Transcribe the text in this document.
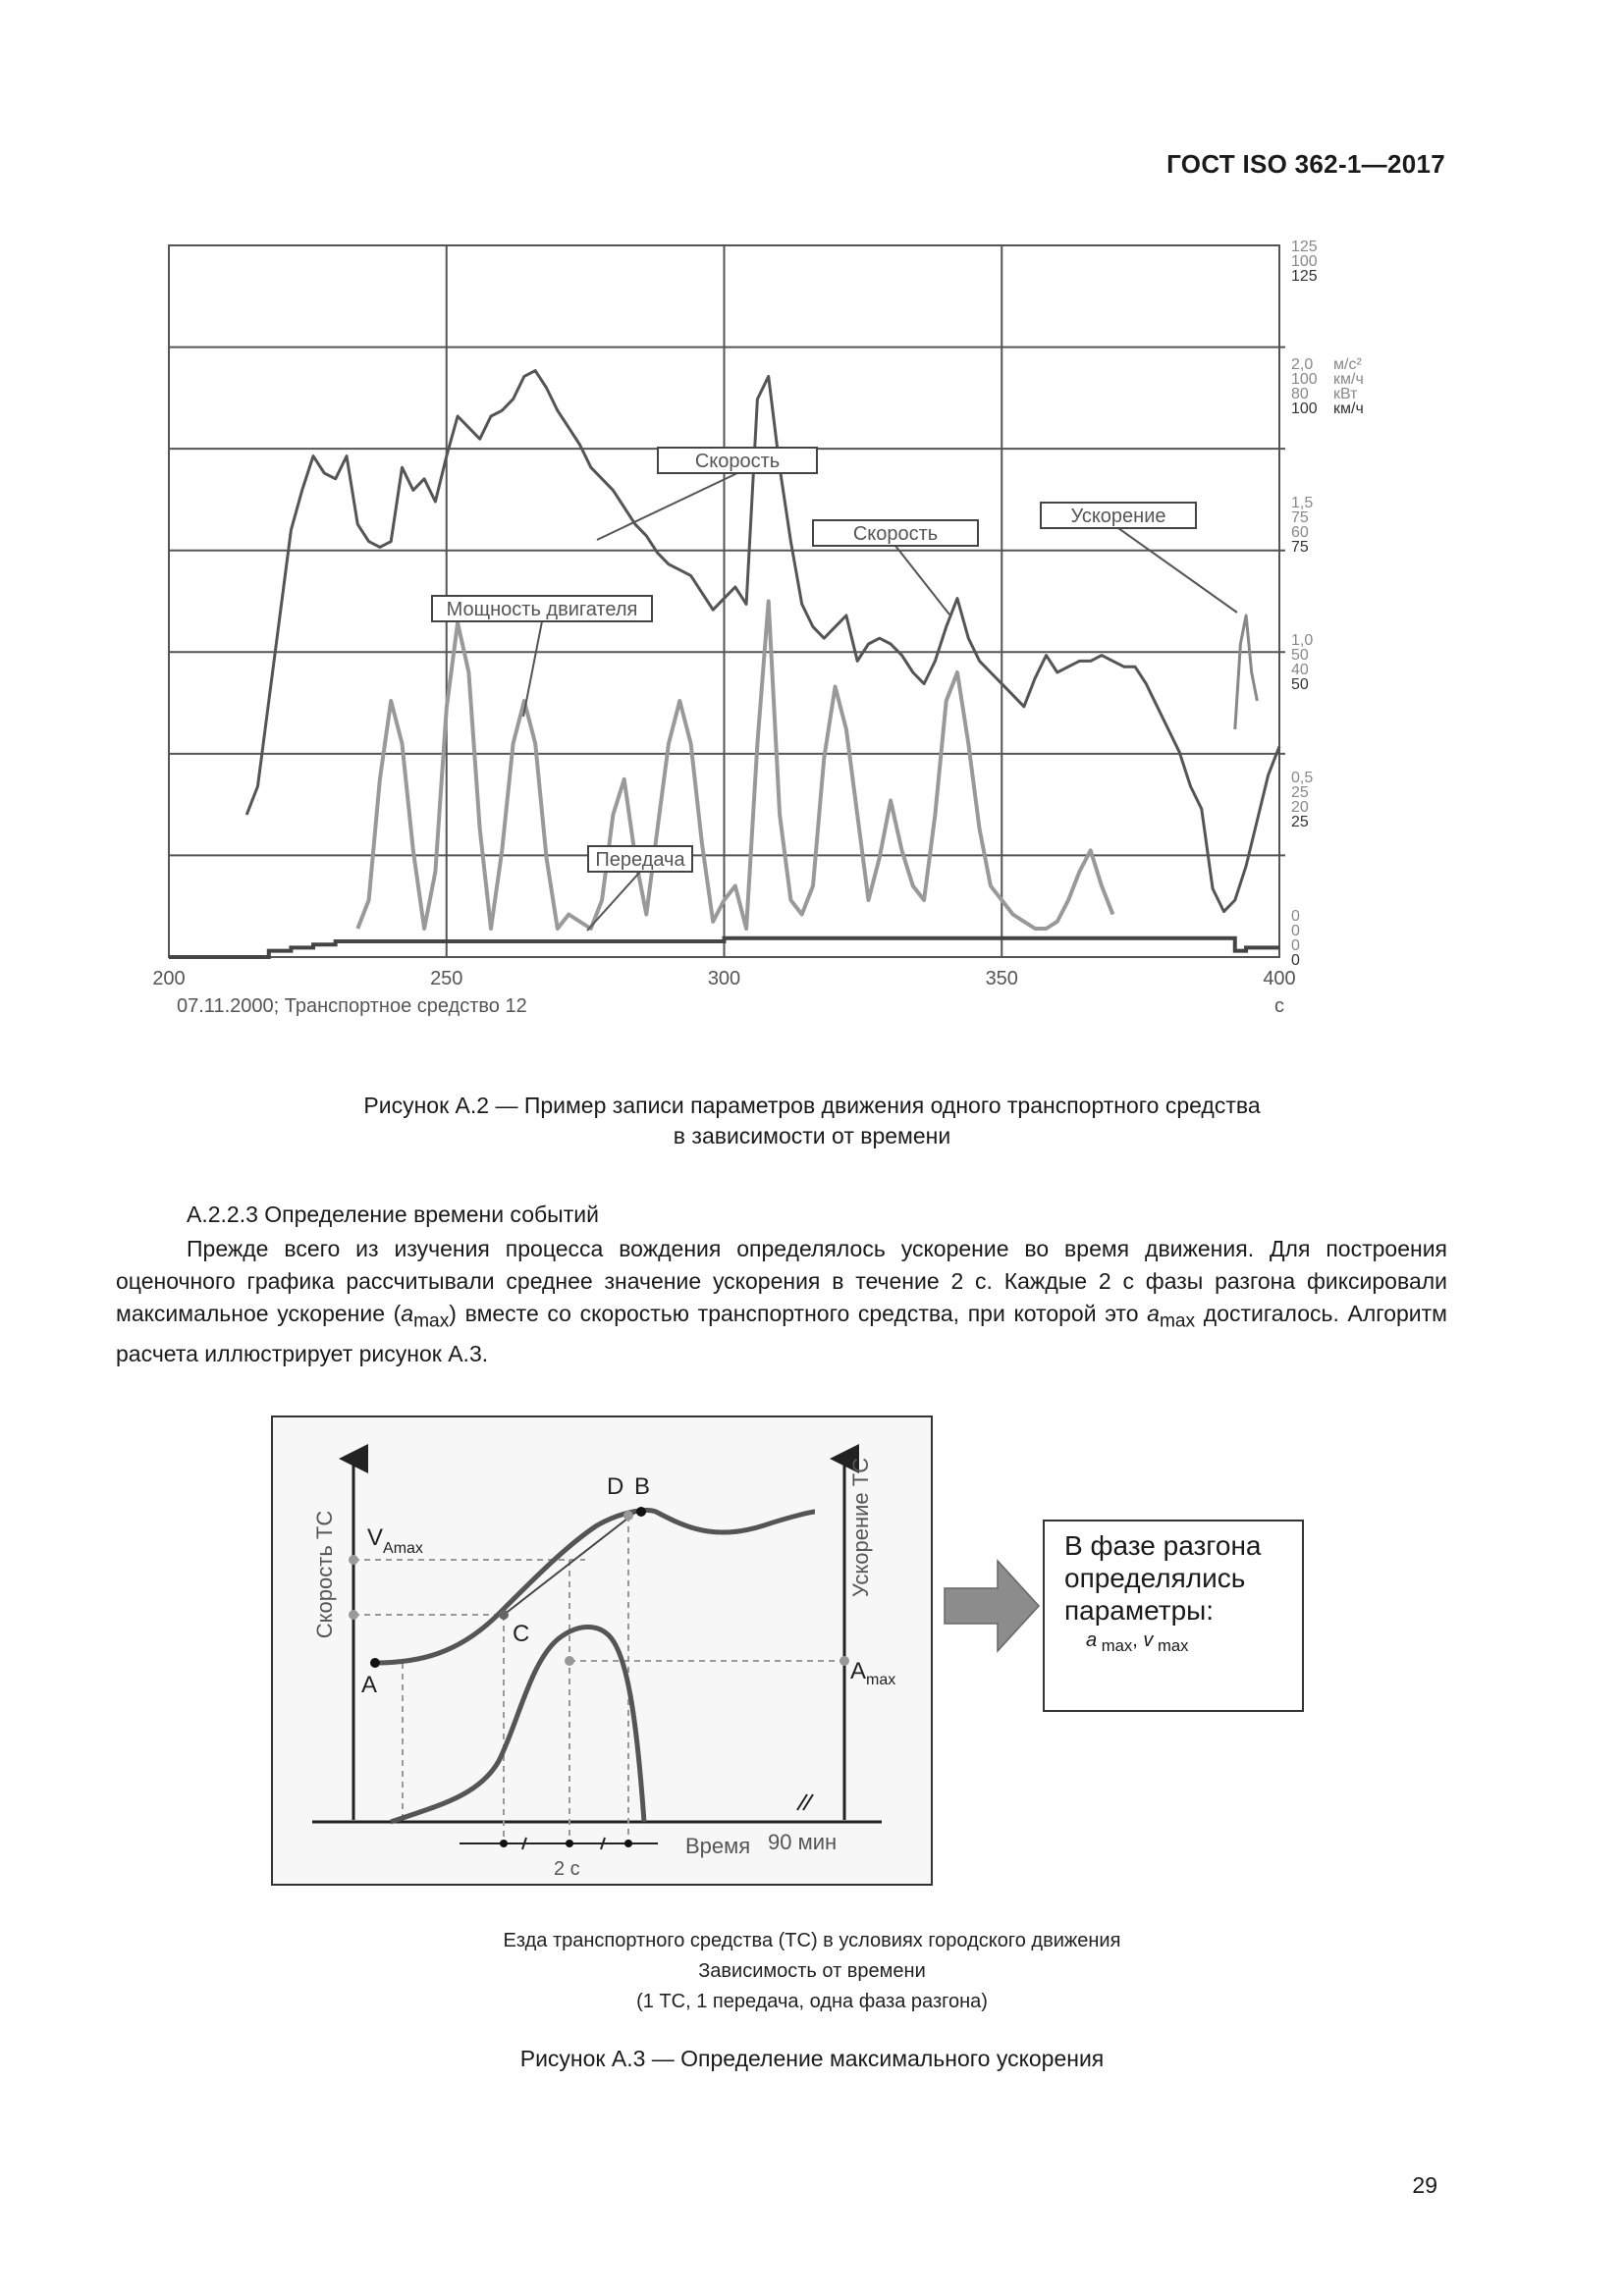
ГОСТ ISO 362-1—2017
200	250	300	350	400
с
07.11.2000; Транспортное средство 12
125
100
125
2,0
100
80
100
1,5
75
60
75
1,0
50
40
50
0,5
25
20
25
0
0
0
0
м/с²
км/ч
кВт
км/ч
Скорость
Скорость
Ускорение
Мощность двигателя
Передача
Рисунок А.2 — Пример записи параметров движения одного транспортного средства
в зависимости от времени
А.2.2.3 Определение времени событий

Прежде всего из изучения процесса вождения определялось ускорение во время движения. Для построения оценочного графика рассчитывали среднее значение ускорения в течение 2 с. Каждые 2 с фазы разгона фиксировали максимальное ускорение $(a_{max})$ вместе со скоростью транспортного средства, при которой это $a_{max}$ достигалось. Алгоритм расчета иллюстрирует рисунок А.3.

Скорость ТС	Ускорение ТС
$V_{Amax}$
$A_{max}$
A
C
D B
Время 90 мин
2 с
В фазе разгона
определялись
параметры:
a $_{max}$, v $_{max}$
Езда транспортного средства (ТС) в условиях городского движения
Зависимость от времени
(1 ТС, 1 передача, одна фаза разгона)
Рисунок А.3 — Определение максимального ускорения
29
